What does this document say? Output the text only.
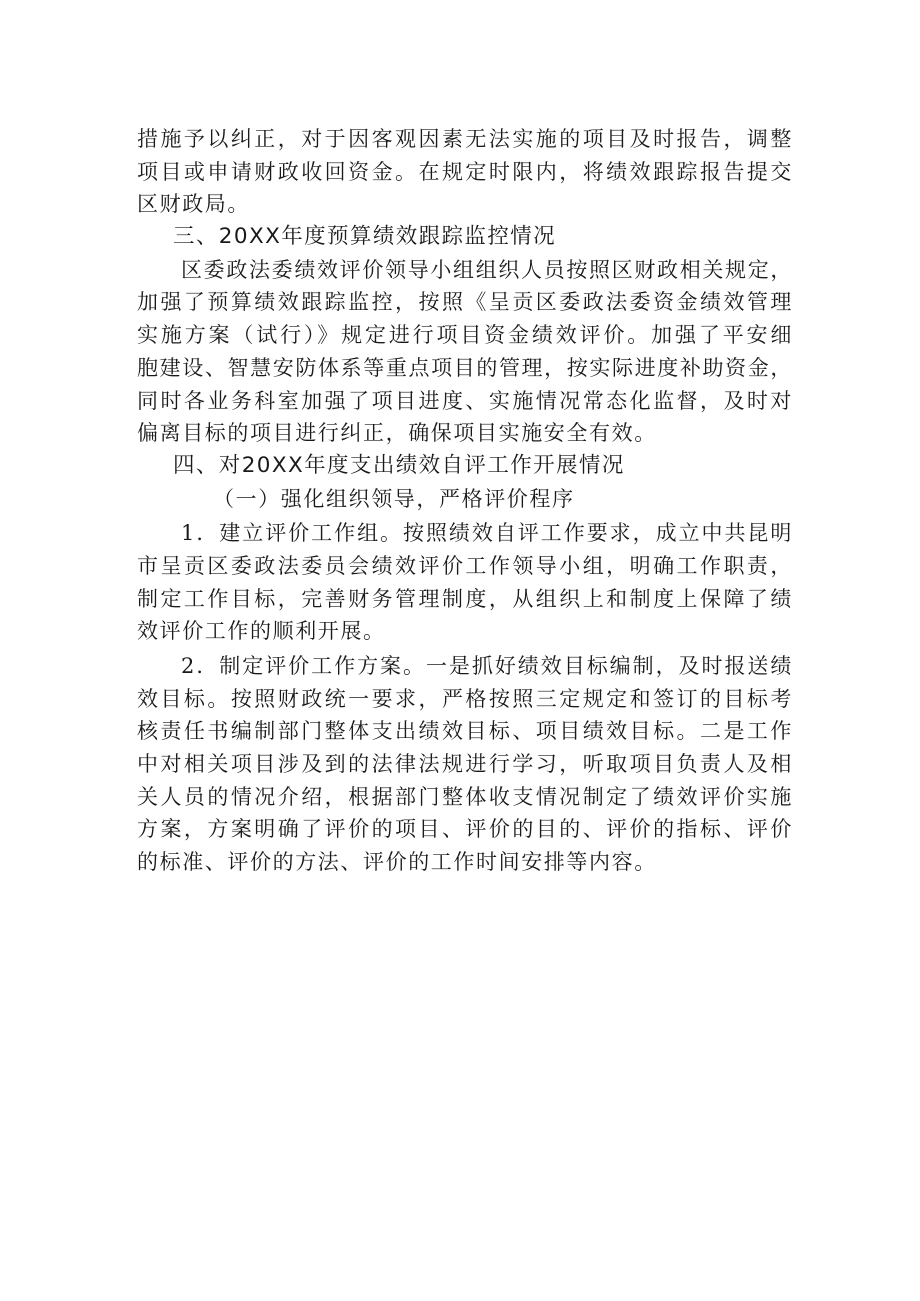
措施予以纠正，对于因客观因素无法实施的项目及时报告，调整
项目或申请财政收回资金。在规定时限内，将绩效跟踪报告提交
区财政局。
三、20XX年度预算绩效跟踪监控情况
区委政法委绩效评价领导小组组织人员按照区财政相关规定，
加强了预算绩效跟踪监控，按照《呈贡区委政法委资金绩效管理
实施方案（试行）》规定进行项目资金绩效评价。加强了平安细
胞建设、智慧安防体系等重点项目的管理，按实际进度补助资金，
同时各业务科室加强了项目进度、实施情况常态化监督，及时对
偏离目标的项目进行纠正，确保项目实施安全有效。
四、对20XX年度支出绩效自评工作开展情况
（一）强化组织领导，严格评价程序
1．建立评价工作组。按照绩效自评工作要求，成立中共昆明
市呈贡区委政法委员会绩效评价工作领导小组，明确工作职责，
制定工作目标，完善财务管理制度，从组织上和制度上保障了绩
效评价工作的顺利开展。
2．制定评价工作方案。一是抓好绩效目标编制，及时报送绩
效目标。按照财政统一要求，严格按照三定规定和签订的目标考
核责任书编制部门整体支出绩效目标、项目绩效目标。二是工作
中对相关项目涉及到的法律法规进行学习，听取项目负责人及相
关人员的情况介绍，根据部门整体收支情况制定了绩效评价实施
方案，方案明确了评价的项目、评价的目的、评价的指标、评价
的标准、评价的方法、评价的工作时间安排等内容。
